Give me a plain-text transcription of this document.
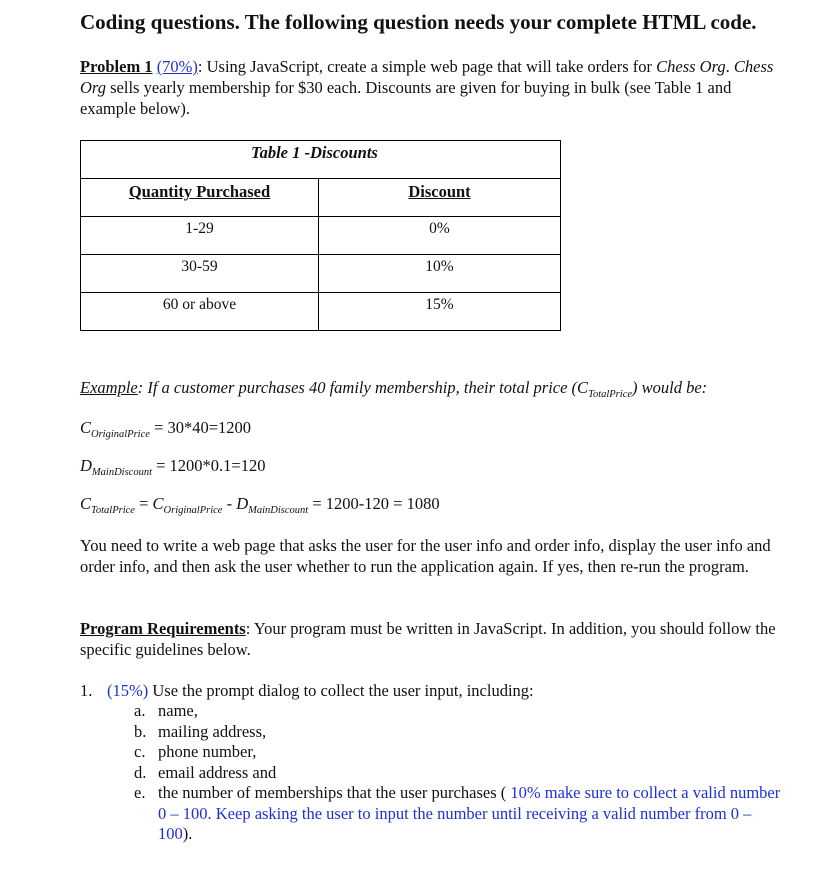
Coding questions. The following question needs your complete HTML code.
Problem 1 (70%): Using JavaScript, create a simple web page that will take orders for Chess Org. Chess Org sells yearly membership for $30 each. Discounts are given for buying in bulk (see Table 1 and example below).
Table 1 -Discounts	
Quantity Purchased	Discount
1-29	0%
30-59	10%
60 or above	15%
Example: If a customer purchases 40 family membership, their total price $(C_{TotalPrice})$ would be:
$C_{OriginalPrice} = 30*40=1200$
$D_{MainDiscount} = 1200*0.1=120$
$C_{TotalPrice} = C_{OriginalPrice} - D_{MainDiscount} = 1200-120 = 1080$
You need to write a web page that asks the user for the user info and order info, display the user info and order info, and then ask the user whether to run the application again. If yes, then re-run the program.
Program Requirements: Your program must be written in JavaScript. In addition, you should follow the specific guidelines below.
1. (15%) Use the prompt dialog to collect the user input, including:
a. name,
b. mailing address,
c. phone number,
d. email address and
e. the number of memberships that the user purchases ( 10% make sure to collect a valid number 0 – 100. Keep asking the user to input the number until receiving a valid number from 0 – 100).
